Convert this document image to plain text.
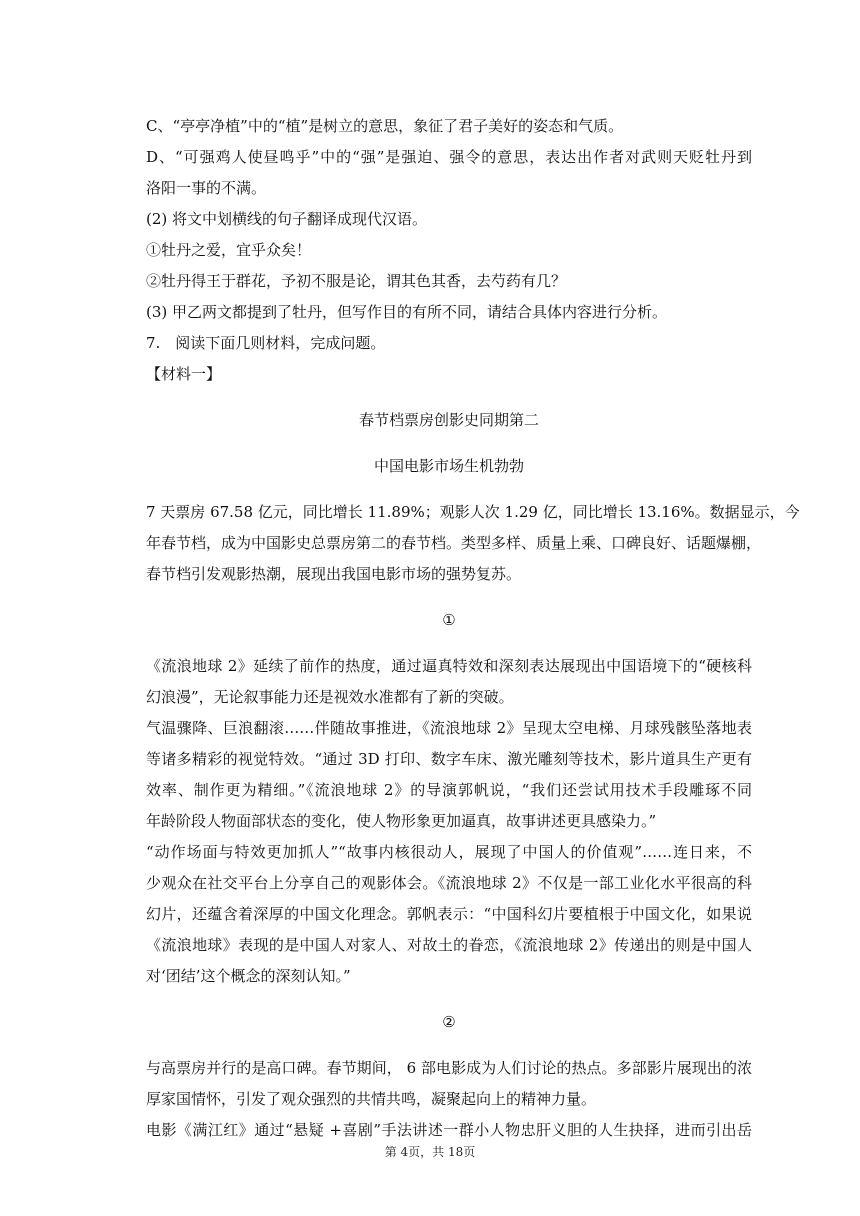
C、“亭亭净植”中的“植”是树立的意思，象征了君子美好的姿态和气质。

D、“可强鸡人使昼鸣乎”中的“强”是强迫、强令的意思，表达出作者对武则天贬牡丹到

洛阳一事的不满。

(2) 将文中划横线的句子翻译成现代汉语。

①牡丹之爱，宜乎众矣！

②牡丹得王于群花，予初不服是论，谓其色其香，去芍药有几？

(3) 甲乙两文都提到了牡丹，但写作目的有所不同，请结合具体内容进行分析。

7.　阅读下面几则材料，完成问题。

【材料一】

春节档票房创影史同期第二

中国电影市场生机勃勃

7 天票房 67.58 亿元，同比增长 11.89%；观影人次 1.29 亿，同比增长 13.16%。数据显示，今

年春节档，成为中国影史总票房第二的春节档。类型多样、质量上乘、口碑良好、话题爆棚，

春节档引发观影热潮，展现出我国电影市场的强势复苏。

①

《流浪地球 2》延续了前作的热度，通过逼真特效和深刻表达展现出中国语境下的“硬核科

幻浪漫”，无论叙事能力还是视效水准都有了新的突破。

气温骤降、巨浪翻滚……伴随故事推进，《流浪地球 2》呈现太空电梯、月球残骸坠落地表

等诸多精彩的视觉特效。“通过 3D 打印、数字车床、激光雕刻等技术，影片道具生产更有

效率、制作更为精细。”《流浪地球 2》的导演郭帆说，“我们还尝试用技术手段雕琢不同

年龄阶段人物面部状态的变化，使人物形象更加逼真，故事讲述更具感染力。”

“动作场面与特效更加抓人”“故事内核很动人，展现了中国人的价值观”……连日来，不

少观众在社交平台上分享自己的观影体会。《流浪地球 2》不仅是一部工业化水平很高的科

幻片，还蕴含着深厚的中国文化理念。郭帆表示：“中国科幻片要植根于中国文化，如果说

《流浪地球》表现的是中国人对家人、对故土的眷恋，《流浪地球 2》传递出的则是中国人

对‘团结’这个概念的深刻认知。”

②

与高票房并行的是高口碑。春节期间， 6 部电影成为人们讨论的热点。多部影片展现出的浓

厚家国情怀，引发了观众强烈的共情共鸣，凝聚起向上的精神力量。

电影《满江红》通过“悬疑 +喜剧”手法讲述一群小人物忠肝义胆的人生抉择，进而引出岳

第 4页，共 18页
